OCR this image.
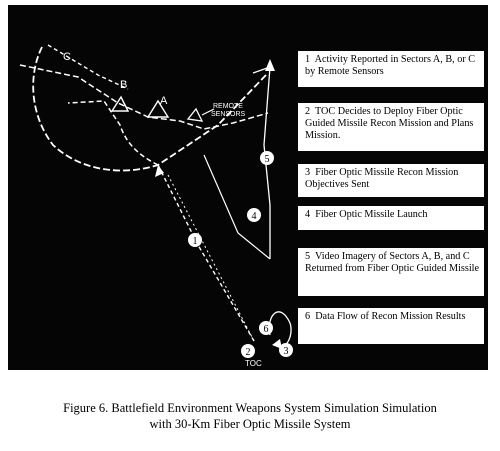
C
B
A	REMOTE
SENSORS
1
2	3
4
5
6
TOC
1 Activity Reported in Sectors A, B, or C by Remote Sensors
2 TOC Decides to Deploy Fiber Optic Guided Missile Recon Mission and Plans Mission.
3 Fiber Optic Missile Recon Mission Objectives Sent
4 Fiber Optic Missile Launch
5 Video Imagery of Sectors A, B, and C Returned from Fiber Optic Guided Missile
6 Data Flow of Recon Mission Results
Figure 6. Battlefield Environment Weapons System Simulation Simulation
with 30-Km Fiber Optic Missile System
